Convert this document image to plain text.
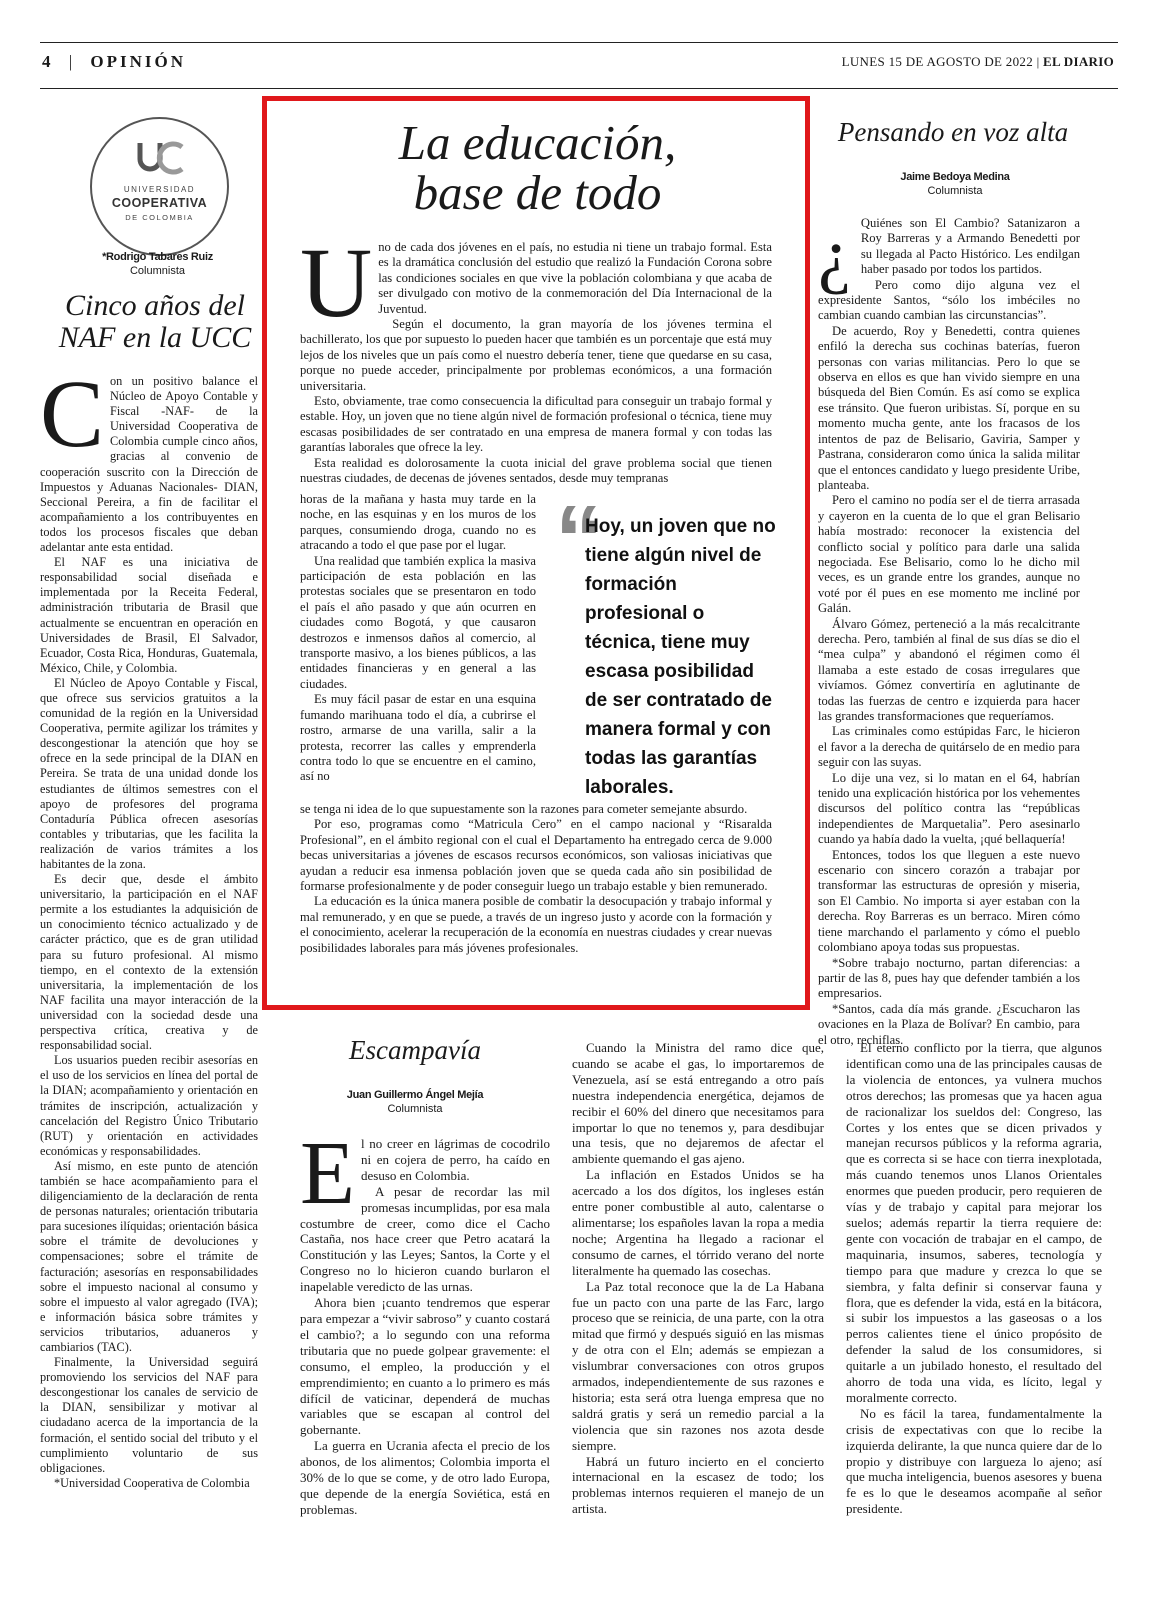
4 | OPINIÓN	LUNES 15 DE AGOSTO DE 2022 | EL DIARIO
UNIVERSIDAD
COOPERATIVA
DE COLOMBIA
*Rodrigo Tabares Ruiz
Columnista
Cinco años del
NAF en la UCC

Con un positivo balance el Núcleo de Apoyo Contable y Fiscal -NAF- de la Universidad Cooperativa de Colombia cumple cinco años, gracias al convenio de cooperación suscrito con la Dirección de Impuestos y Aduanas Nacionales- DIAN, Seccional Pereira, a fin de facilitar el acompañamiento a los contribuyentes en todos los procesos fiscales que deban adelantar ante esta entidad.

El NAF es una iniciativa de responsabilidad social diseñada e implementada por la Receita Federal, administración tributaria de Brasil que actualmente se encuentran en operación en Universidades de Brasil, El Salvador, Ecuador, Costa Rica, Honduras, Guatemala, México, Chile, y Colombia.

El Núcleo de Apoyo Contable y Fiscal, que ofrece sus servicios gratuitos a la comunidad de la región en la Universidad Cooperativa, permite agilizar los trámites y descongestionar la atención que hoy se ofrece en la sede principal de la DIAN en Pereira. Se trata de una unidad donde los estudiantes de últimos semestres con el apoyo de profesores del programa Contaduría Pública ofrecen asesorías contables y tributarias, que les facilita la realización de varios trámites a los habitantes de la zona.

Es decir que, desde el ámbito universitario, la participación en el NAF permite a los estudiantes la adquisición de un conocimiento técnico actualizado y de carácter práctico, que es de gran utilidad para su futuro profesional. Al mismo tiempo, en el contexto de la extensión universitaria, la implementación de los NAF facilita una mayor interacción de la universidad con la sociedad desde una perspectiva crítica, creativa y de responsabilidad social.

Los usuarios pueden recibir asesorías en el uso de los servicios en línea del portal de la DIAN; acompañamiento y orientación en trámites de inscripción, actualización y cancelación del Registro Único Tributario (RUT) y orientación en actividades económicas y responsabilidades.

Así mismo, en este punto de atención también se hace acompañamiento para el diligenciamiento de la declaración de renta de personas naturales; orientación tributaria para sucesiones ilíquidas; orientación básica sobre el trámite de devoluciones y compensaciones; sobre el trámite de facturación; asesorías en responsabilidades sobre el impuesto nacional al consumo y sobre el impuesto al valor agregado (IVA); e información básica sobre trámites y servicios tributarios, aduaneros y cambiarios (TAC).

Finalmente, la Universidad seguirá promoviendo los servicios del NAF para descongestionar los canales de servicio de la DIAN, sensibilizar y motivar al ciudadano acerca de la importancia de la formación, el sentido social del tributo y el cumplimiento voluntario de sus obligaciones.

*Universidad Cooperativa de Colombia

La educación,
base de todo

Uno de cada dos jóvenes en el país, no estudia ni tiene un trabajo formal. Esta es la dramática conclusión del estudio que realizó la Fundación Corona sobre las condiciones sociales en que vive la población colombiana y que acaba de ser divulgado con motivo de la conmemoración del Día Internacional de la Juventud.

Según el documento, la gran mayoría de los jóvenes termina el bachillerato, los que por supuesto lo pueden hacer que también es un porcentaje que está muy lejos de los niveles que un país como el nuestro debería tener, tiene que quedarse en su casa, porque no puede acceder, principalmente por problemas económicos, a una formación universitaria.

Esto, obviamente, trae como consecuencia la dificultad para conseguir un trabajo formal y estable. Hoy, un joven que no tiene algún nivel de formación profesional o técnica, tiene muy escasas posibilidades de ser contratado en una empresa de manera formal y con todas las garantías laborales que ofrece la ley.

Esta realidad es dolorosamente la cuota inicial del grave problema social que tienen nuestras ciudades, de decenas de jóvenes sentados, desde muy tempranas

horas de la mañana y hasta muy tarde en la noche, en las esquinas y en los muros de los parques, consumiendo droga, cuando no es atracando a todo el que pase por el lugar.

Una realidad que también explica la masiva participación de esta población en las protestas sociales que se presentaron en todo el país el año pasado y que aún ocurren en ciudades como Bogotá, y que causaron destrozos e inmensos daños al comercio, al transporte masivo, a los bienes públicos, a las entidades financieras y en general a las ciudades.

Es muy fácil pasar de estar en una esquina fumando marihuana todo el día, a cubrirse el rostro, armarse de una varilla, salir a la protesta, recorrer las calles y emprenderla contra todo lo que se encuentre en el camino, así no

“
Hoy, un joven que no tiene algún nivel de formación profesional o técnica, tiene muy escasa posibilidad de ser contratado de manera formal y con todas las garantías laborales.

se tenga ni idea de lo que supuestamente son la razones para cometer semejante absurdo.

Por eso, programas como “Matricula Cero” en el campo nacional y “Risaralda Profesional”, en el ámbito regional con el cual el Departamento ha entregado cerca de 9.000 becas universitarias a jóvenes de escasos recursos económicos, son valiosas iniciativas que ayudan a reducir esa inmensa población joven que se queda cada año sin posibilidad de formarse profesionalmente y de poder conseguir luego un trabajo estable y bien remunerado.

La educación es la única manera posible de combatir la desocupación y trabajo informal y mal remunerado, y en que se puede, a través de un ingreso justo y acorde con la formación y el conocimiento, acelerar la recuperación de la economía en nuestras ciudades y crear nuevas posibilidades laborales para más jóvenes profesionales.

Pensando en voz alta
Jaime Bedoya Medina
Columnista

¿ Quiénes son El Cambio? Satanizaron a Roy Barreras y a Armando Benedetti por su llegada al Pacto Histórico. Les endilgan haber pasado por todos los partidos.

Pero como dijo alguna vez el expresidente Santos, “sólo los imbéciles no cambian cuando cambian las circunstancias”.

De acuerdo, Roy y Benedetti, contra quienes enfiló la derecha sus cochinas baterías, fueron personas con varias militancias. Pero lo que se observa en ellos es que han vivido siempre en una búsqueda del Bien Común. Es así como se explica ese tránsito. Que fueron uribistas. Sí, porque en su momento mucha gente, ante los fracasos de los intentos de paz de Belisario, Gaviria, Samper y Pastrana, consideraron como única la salida militar que el entonces candidato y luego presidente Uribe, planteaba.

Pero el camino no podía ser el de tierra arrasada y cayeron en la cuenta de lo que el gran Belisario había mostrado: reconocer la existencia del conflicto social y político para darle una salida negociada. Ese Belisario, como lo he dicho mil veces, es un grande entre los grandes, aunque no voté por él pues en ese momento me incliné por Galán.

Álvaro Gómez, perteneció a la más recalcitrante derecha. Pero, también al final de sus días se dio el “mea culpa” y abandonó el régimen como él llamaba a este estado de cosas irregulares que vivíamos. Gómez convertiría en aglutinante de todas las fuerzas de centro e izquierda para hacer las grandes transformaciones que requeríamos.

Las criminales como estúpidas Farc, le hicieron el favor a la derecha de quitárselo de en medio para seguir con las suyas.

Lo dije una vez, si lo matan en el 64, habrían tenido una explicación histórica por los vehementes discursos del político contra las “repúblicas independientes de Marquetalia”. Pero asesinarlo cuando ya había dado la vuelta, ¡qué bellaquería!

Entonces, todos los que lleguen a este nuevo escenario con sincero corazón a trabajar por transformar las estructuras de opresión y miseria, son El Cambio. No importa si ayer estaban con la derecha. Roy Barreras es un berraco. Miren cómo tiene marchando el parlamento y cómo el pueblo colombiano apoya todas sus propuestas.

*Sobre trabajo nocturno, partan diferencias: a partir de las 8, pues hay que defender también a los empresarios.

*Santos, cada día más grande. ¿Escucharon las ovaciones en la Plaza de Bolívar? En cambio, para el otro, rechiflas.

Escampavía
Juan Guillermo Ángel Mejía
Columnista

El no creer en lágrimas de cocodrilo ni en cojera de perro, ha caído en desuso en Colombia.

A pesar de recordar las mil promesas incumplidas, por esa mala costumbre de creer, como dice el Cacho Castaña, nos hace creer que Petro acatará la Constitución y las Leyes; Santos, la Corte y el Congreso no lo hicieron cuando burlaron el inapelable veredicto de las urnas.

Ahora bien ¡cuanto tendremos que esperar para empezar a “vivir sabroso” y cuanto costará el cambio?; a lo segundo con una reforma tributaria que no puede golpear gravemente: el consumo, el empleo, la producción y el emprendimiento; en cuanto a lo primero es más difícil de vaticinar, dependerá de muchas variables que se escapan al control del gobernante.

La guerra en Ucrania afecta el precio de los abonos, de los alimentos; Colombia importa el 30% de lo que se come, y de otro lado Europa, que depende de la energía Soviética, está en problemas.

Cuando la Ministra del ramo dice que, cuando se acabe el gas, lo importaremos de Venezuela, así se está entregando a otro país nuestra independencia energética, dejamos de recibir el 60% del dinero que necesitamos para importar lo que no tenemos y, para desdibujar una tesis, que no dejaremos de afectar el ambiente quemando el gas ajeno.

La inflación en Estados Unidos se ha acercado a los dos dígitos, los ingleses están entre poner combustible al auto, calentarse o alimentarse; los españoles lavan la ropa a media noche; Argentina ha llegado a racionar el consumo de carnes, el tórrido verano del norte literalmente ha quemado las cosechas.

La Paz total reconoce que la de La Habana fue un pacto con una parte de las Farc, largo proceso que se reinicia, de una parte, con la otra mitad que firmó y después siguió en las mismas y de otra con el Eln; además se empiezan a vislumbrar conversaciones con otros grupos armados, independientemente de sus razones e historia; esta será otra luenga empresa que no saldrá gratis y será un remedio parcial a la violencia que sin razones nos azota desde siempre.

Habrá un futuro incierto en el concierto internacional en la escasez de todo; los problemas internos requieren el manejo de un artista.

El eterno conflicto por la tierra, que algunos identifican como una de las principales causas de la violencia de entonces, ya vulnera muchos otros derechos; las promesas que ya hacen agua de racionalizar los sueldos del: Congreso, las Cortes y los entes que se dicen privados y manejan recursos públicos y la reforma agraria, que es correcta si se hace con tierra inexplotada, más cuando tenemos unos Llanos Orientales enormes que pueden producir, pero requieren de vías y de trabajo y capital para mejorar los suelos; además repartir la tierra requiere de: gente con vocación de trabajar en el campo, de maquinaria, insumos, saberes, tecnología y tiempo para que madure y crezca lo que se siembra, y falta definir si conservar fauna y flora, que es defender la vida, está en la bitácora, si subir los impuestos a las gaseosas o a los perros calientes tiene el único propósito de defender la salud de los consumidores, si quitarle a un jubilado honesto, el resultado del ahorro de toda una vida, es lícito, legal y moralmente correcto.

No es fácil la tarea, fundamentalmente la crisis de expectativas con que lo recibe la izquierda delirante, la que nunca quiere dar de lo propio y distribuye con largueza lo ajeno; así que mucha inteligencia, buenos asesores y buena fe es lo que le deseamos acompañe al señor presidente.
